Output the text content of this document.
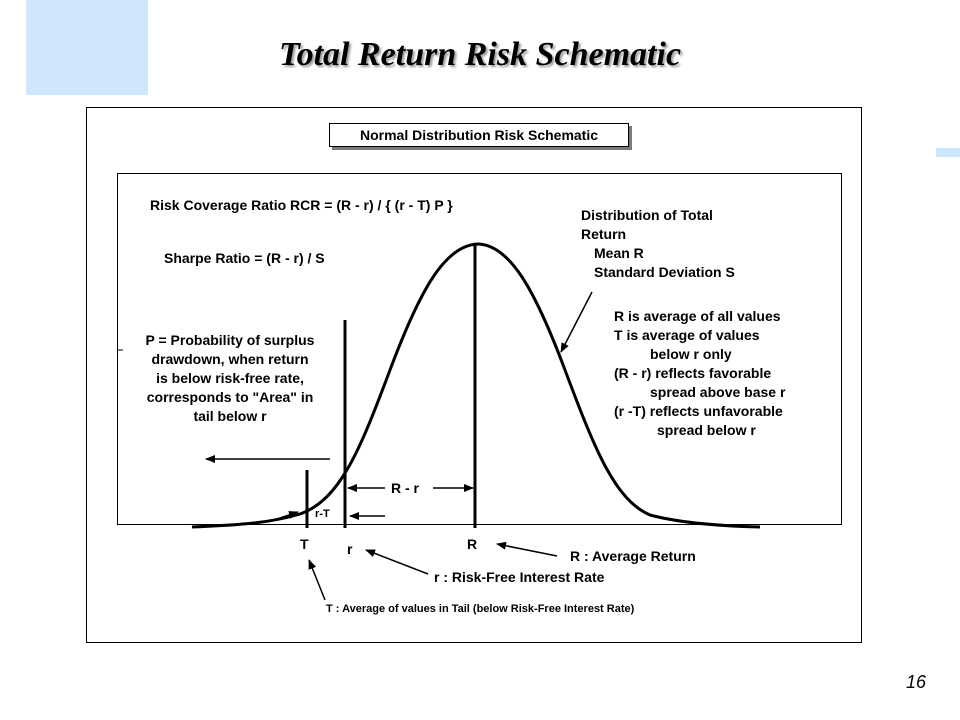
Total Return Risk Schematic
Normal Distribution Risk Schematic
Risk Coverage Ratio RCR = (R - r) / { (r - T) P }
Sharpe Ratio = (R - r) / S
Distribution of Total
Return
Mean R
Standard Deviation S
R is average of all values
T is average of values
below r only
(R - r) reflects favorable
spread above base r
(r -T) reflects unfavorable
spread below r
P = Probability of surplus
drawdown, when return
is below risk-free rate,
corresponds to "Area" in
tail below r
R - r
r-T
T	r	R
R : Average Return
r : Risk-Free Interest Rate
T : Average of values in Tail (below Risk-Free Interest Rate)
16
